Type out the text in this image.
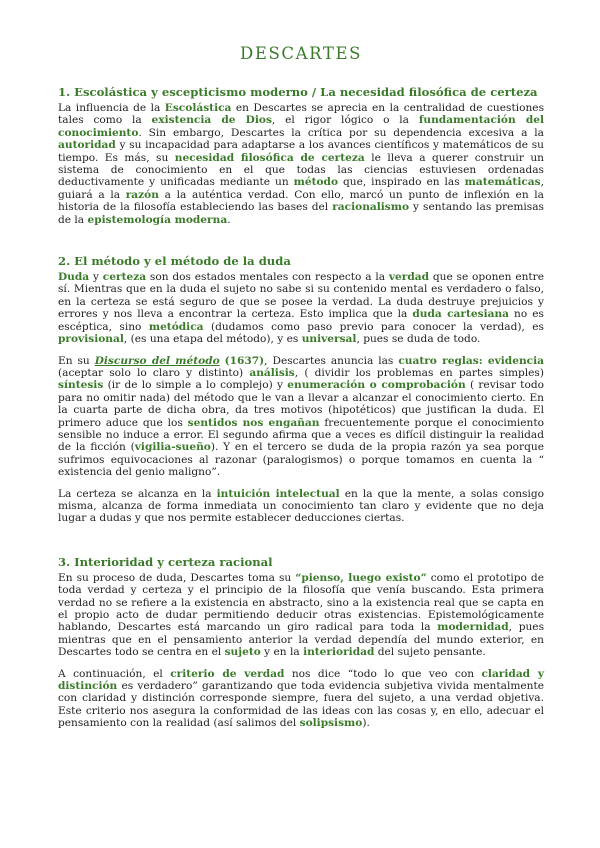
DESCARTES
1. Escolástica y escepticismo moderno / La necesidad filosófica de certeza

La influencia de la Escolástica en Descartes se aprecia en la centralidad de cuestiones tales como la existencia de Dios, el rigor lógico o la fundamentación del conocimiento. Sin embargo, Descartes la crítica por su dependencia excesiva a la autoridad y su incapacidad para adaptarse a los avances científicos y matemáticos de su tiempo. Es más, su necesidad filosófica de certeza le lleva a querer construir un sistema de conocimiento en el que todas las ciencias estuviesen ordenadas deductivamente y unificadas mediante un método que, inspirado en las matemáticas, guiará a la razón a la auténtica verdad. Con ello, marcó un punto de inflexión en la historia de la filosofía estableciendo las bases del racionalismo y sentando las premisas de la epistemología moderna.

2. El método y el método de la duda

Duda y certeza son dos estados mentales con respecto a la verdad que se oponen entre sí. Mientras que en la duda el sujeto no sabe si su contenido mental es verdadero o falso, en la certeza se está seguro de que se posee la verdad. La duda destruye prejuicios y errores y nos lleva a encontrar la certeza. Esto implica que la duda cartesiana no es escéptica, sino metódica (dudamos como paso previo para conocer la verdad), es provisional, (es una etapa del método), y es universal, pues se duda de todo.

En su Discurso del método (1637), Descartes anuncia las cuatro reglas: evidencia (aceptar solo lo claro y distinto) análisis, ( dividir los problemas en partes simples) síntesis (ir de lo simple a lo complejo) y enumeración o comprobación ( revisar todo para no omitir nada) del método que le van a llevar a alcanzar el conocimiento cierto. En la cuarta parte de dicha obra, da tres motivos (hipotéticos) que justifican la duda. El primero aduce que los sentidos nos engañan frecuentemente porque el conocimiento sensible no induce a error. El segundo afirma que a veces es difícil distinguir la realidad de la ficción (vigilia-sueño). Y en el tercero se duda de la propia razón ya sea porque sufrimos equivocaciones al razonar (paralogismos) o porque tomamos en cuenta la “ existencia del genio maligno”.

La certeza se alcanza en la intuición intelectual en la que la mente, a solas consigo misma, alcanza de forma inmediata un conocimiento tan claro y evidente que no deja lugar a dudas y que nos permite establecer deducciones ciertas.

3. Interioridad y certeza racional

En su proceso de duda, Descartes toma su “pienso, luego existo” como el prototipo de toda verdad y certeza y el principio de la filosofía que venía buscando. Esta primera verdad no se refiere a la existencia en abstracto, sino a la existencia real que se capta en el propio acto de dudar permitiendo deducir otras existencias. Epistemológicamente hablando, Descartes está marcando un giro radical para toda la modernidad, pues mientras que en el pensamiento anterior la verdad dependía del mundo exterior, en Descartes todo se centra en el sujeto y en la interioridad del sujeto pensante.

A continuación, el criterio de verdad nos dice “todo lo que veo con claridad y distinción es verdadero” garantizando que toda evidencia subjetiva vivida mentalmente con claridad y distinción corresponde siempre, fuera del sujeto, a una verdad objetiva. Este criterio nos asegura la conformidad de las ideas con las cosas y, en ello, adecuar el pensamiento con la realidad (así salimos del solipsismo).
